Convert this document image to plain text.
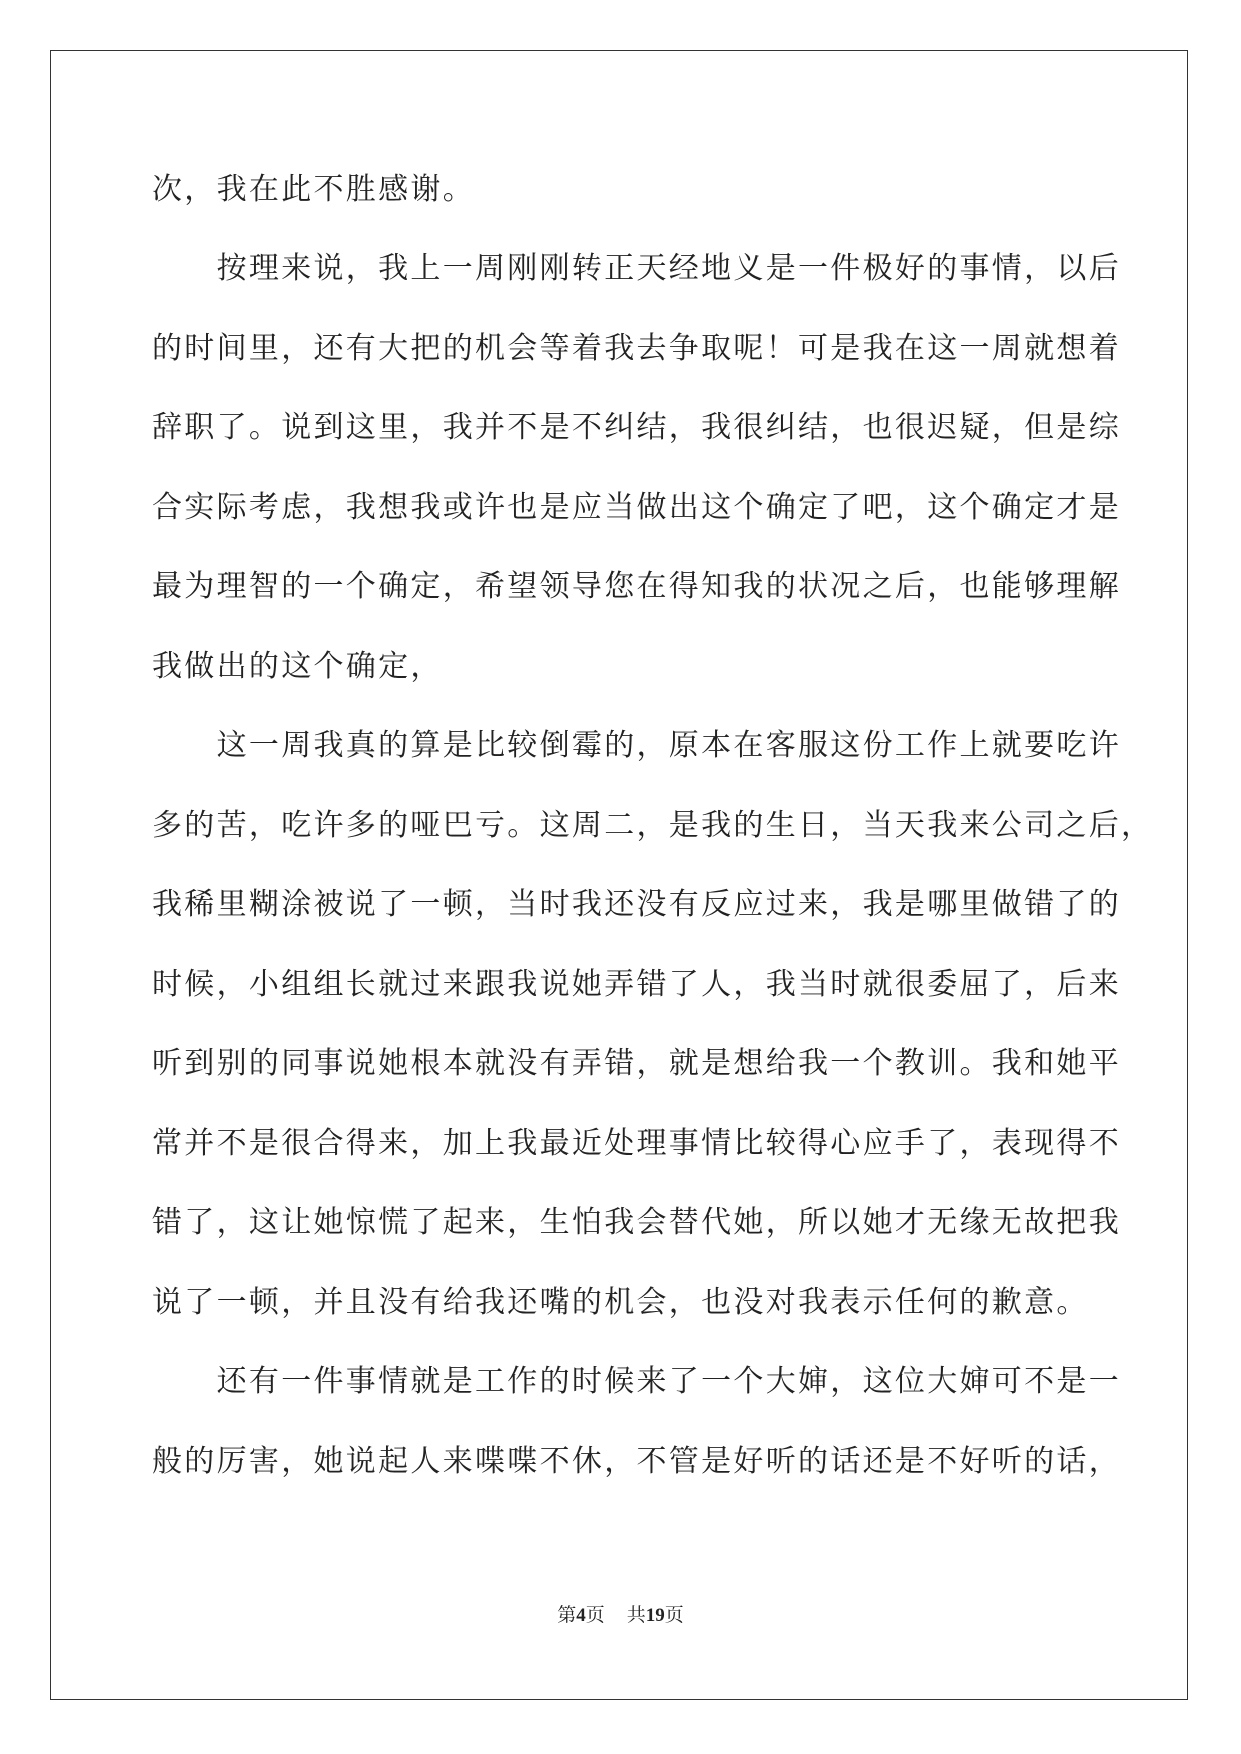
次，我在此不胜感谢。

　　按理来说，我上一周刚刚转正天经地义是一件极好的事情，以后

的时间里，还有大把的机会等着我去争取呢！可是我在这一周就想着

辞职了。说到这里，我并不是不纠结，我很纠结，也很迟疑，但是综

合实际考虑，我想我或许也是应当做出这个确定了吧，这个确定才是

最为理智的一个确定，希望领导您在得知我的状况之后，也能够理解

我做出的这个确定，

　　这一周我真的算是比较倒霉的，原本在客服这份工作上就要吃许

多的苦，吃许多的哑巴亏。这周二，是我的生日，当天我来公司之后，

我稀里糊涂被说了一顿，当时我还没有反应过来，我是哪里做错了的

时候，小组组长就过来跟我说她弄错了人，我当时就很委屈了，后来

听到别的同事说她根本就没有弄错，就是想给我一个教训。我和她平

常并不是很合得来，加上我最近处理事情比较得心应手了，表现得不

错了，这让她惊慌了起来，生怕我会替代她，所以她才无缘无故把我

说了一顿，并且没有给我还嘴的机会，也没对我表示任何的歉意。

　　还有一件事情就是工作的时候来了一个大婶，这位大婶可不是一

般的厉害，她说起人来喋喋不休，不管是好听的话还是不好听的话，

第4页 共19页
